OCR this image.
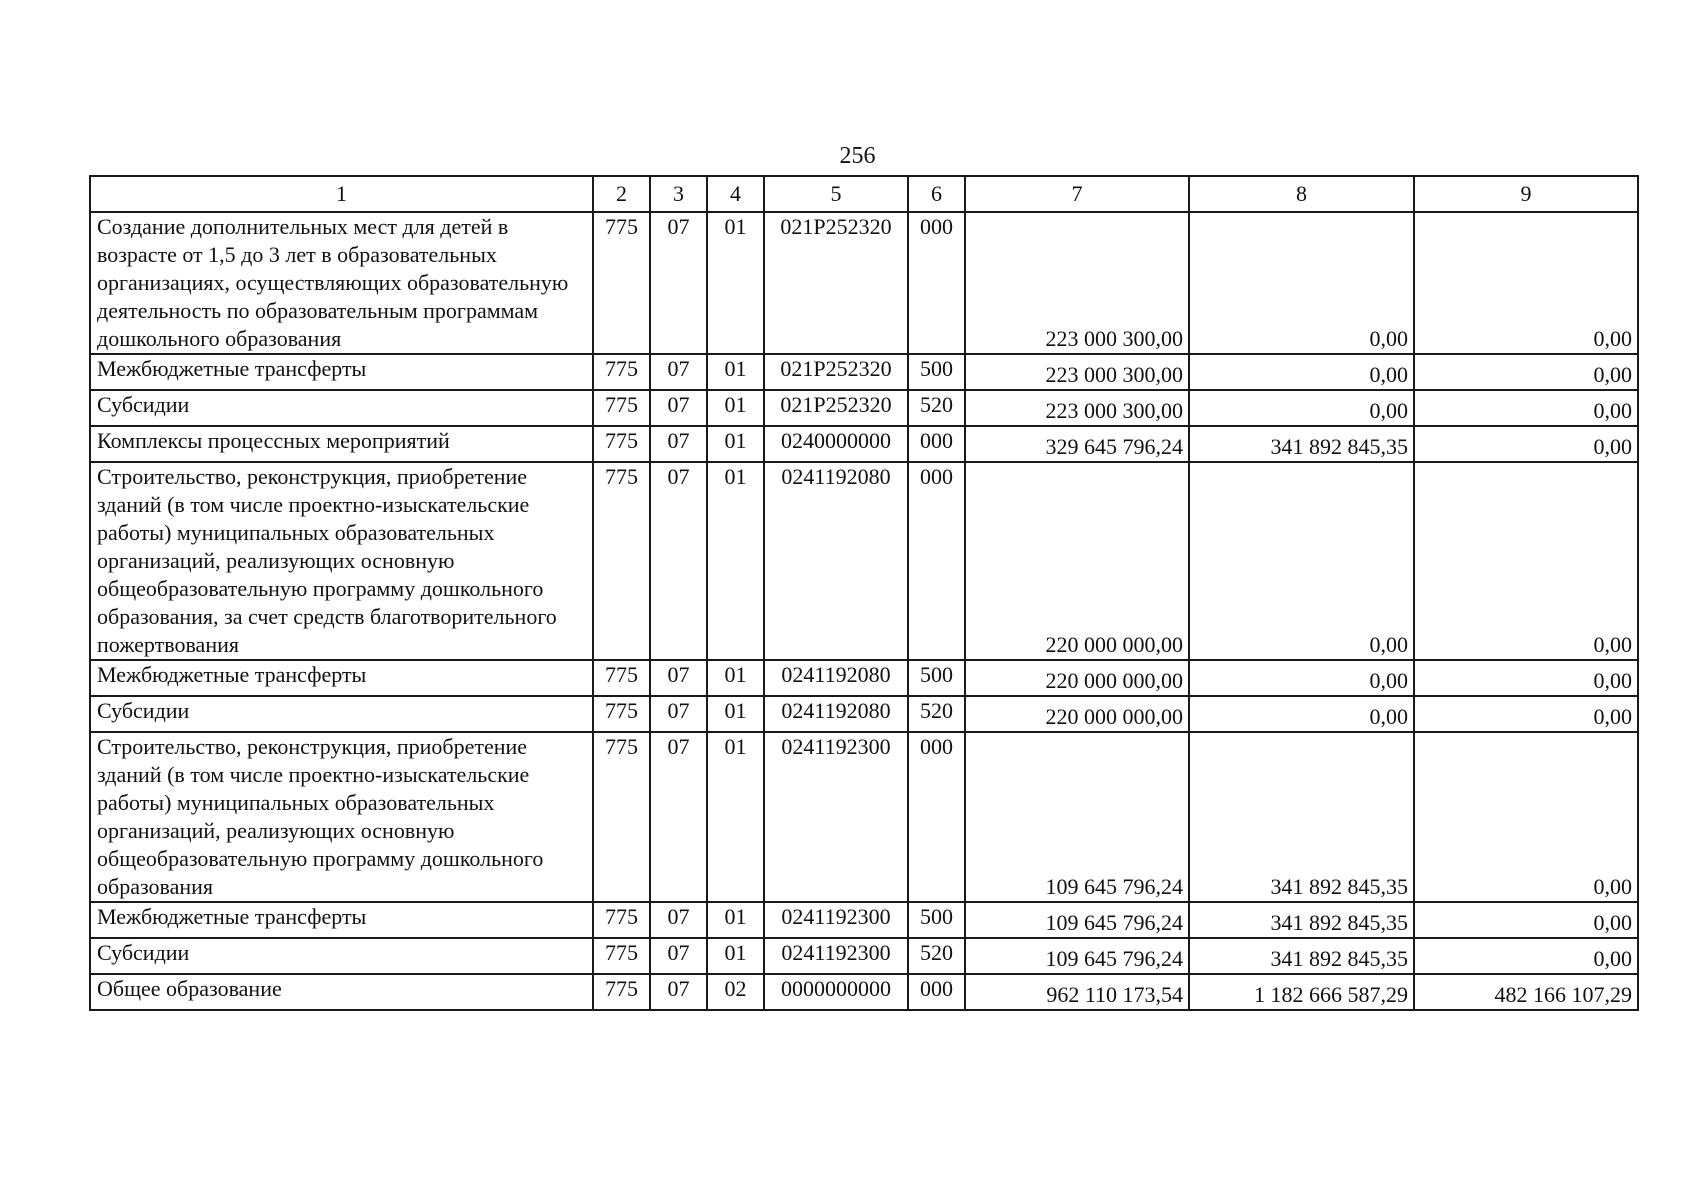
256
1	2	3	4	5	6	7	8	9
Создание дополнительных мест для детей в возрасте от 1,5 до 3 лет в образовательных организациях, осуществляющих образовательную деятельность по образовательным программам дошкольного образования	775	07	01	021P252320	000	223 000 300,00	0,00	0,00
Межбюджетные трансферты	775	07	01	021P252320	500	223 000 300,00	0,00	0,00
Субсидии	775	07	01	021P252320	520	223 000 300,00	0,00	0,00
Комплексы процессных мероприятий	775	07	01	0240000000	000	329 645 796,24	341 892 845,35	0,00
Строительство, реконструкция, приобретение зданий (в том числе проектно-изыскательские работы) муниципальных образовательных организаций, реализующих основную общеобразовательную программу дошкольного образования, за счет средств благотворительного пожертвования	775	07	01	0241192080	000	220 000 000,00	0,00	0,00
Межбюджетные трансферты	775	07	01	0241192080	500	220 000 000,00	0,00	0,00
Субсидии	775	07	01	0241192080	520	220 000 000,00	0,00	0,00
Строительство, реконструкция, приобретение зданий (в том числе проектно-изыскательские работы) муниципальных образовательных организаций, реализующих основную общеобразовательную программу дошкольного образования	775	07	01	0241192300	000	109 645 796,24	341 892 845,35	0,00
Межбюджетные трансферты	775	07	01	0241192300	500	109 645 796,24	341 892 845,35	0,00
Субсидии	775	07	01	0241192300	520	109 645 796,24	341 892 845,35	0,00
Общее образование	775	07	02	0000000000	000	962 110 173,54	1 182 666 587,29	482 166 107,29
